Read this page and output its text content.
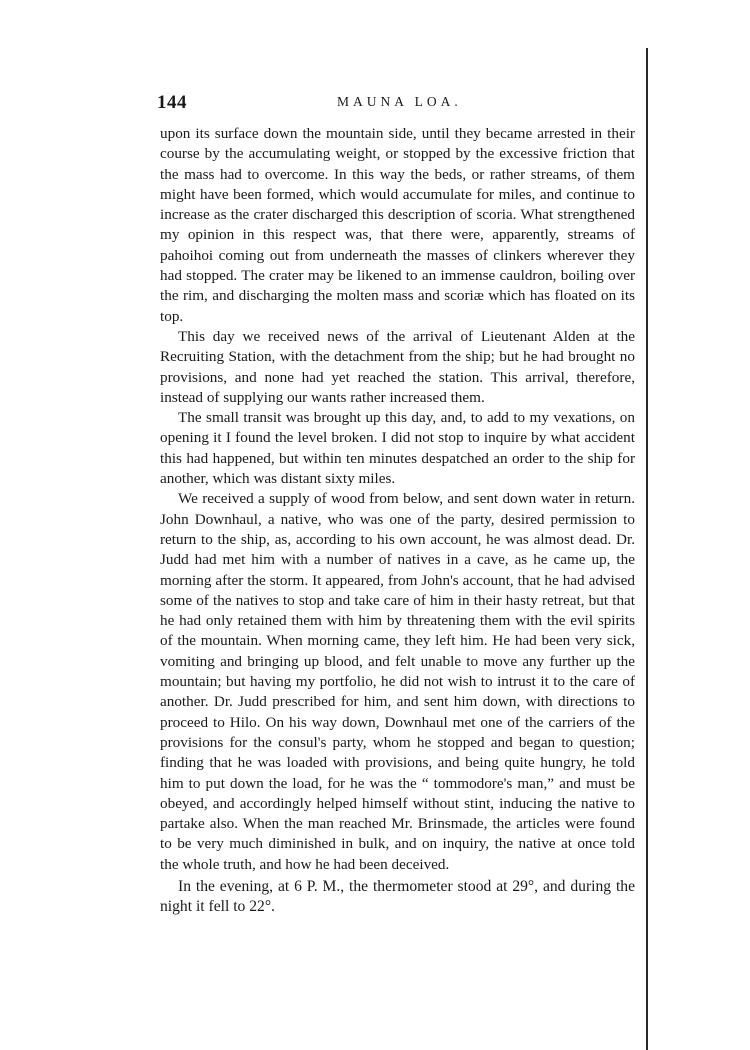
144	MAUNA LOA.

upon its surface down the mountain side, until they became arrested in their course by the accumulating weight, or stopped by the excessive friction that the mass had to overcome. In this way the beds, or rather streams, of them might have been formed, which would accumulate for miles, and continue to increase as the crater discharged this description of scoria. What strengthened my opinion in this respect was, that there were, apparently, streams of pahoihoi coming out from underneath the masses of clinkers wherever they had stopped. The crater may be likened to an immense cauldron, boiling over the rim, and discharging the molten mass and scoriæ which has floated on its top.

This day we received news of the arrival of Lieutenant Alden at the Recruiting Station, with the detachment from the ship; but he had brought no provisions, and none had yet reached the station. This arrival, therefore, instead of supplying our wants rather increased them.

The small transit was brought up this day, and, to add to my vexations, on opening it I found the level broken. I did not stop to inquire by what accident this had happened, but within ten minutes despatched an order to the ship for another, which was distant sixty miles.

We received a supply of wood from below, and sent down water in return. John Downhaul, a native, who was one of the party, desired permission to return to the ship, as, according to his own account, he was almost dead. Dr. Judd had met him with a number of natives in a cave, as he came up, the morning after the storm. It appeared, from John's account, that he had advised some of the natives to stop and take care of him in their hasty retreat, but that he had only retained them with him by threatening them with the evil spirits of the mountain. When morning came, they left him. He had been very sick, vomiting and bringing up blood, and felt unable to move any further up the mountain; but having my portfolio, he did not wish to intrust it to the care of another. Dr. Judd prescribed for him, and sent him down, with directions to proceed to Hilo. On his way down, Downhaul met one of the carriers of the provisions for the consul's party, whom he stopped and began to question; finding that he was loaded with provisions, and being quite hungry, he told him to put down the load, for he was the “ tommodore's man,” and must be obeyed, and accordingly helped himself without stint, inducing the native to partake also. When the man reached Mr. Brinsmade, the articles were found to be very much diminished in bulk, and on inquiry, the native at once told the whole truth, and how he had been deceived.

In the evening, at 6 P. M., the thermometer stood at 29°, and during the night it fell to 22°.
